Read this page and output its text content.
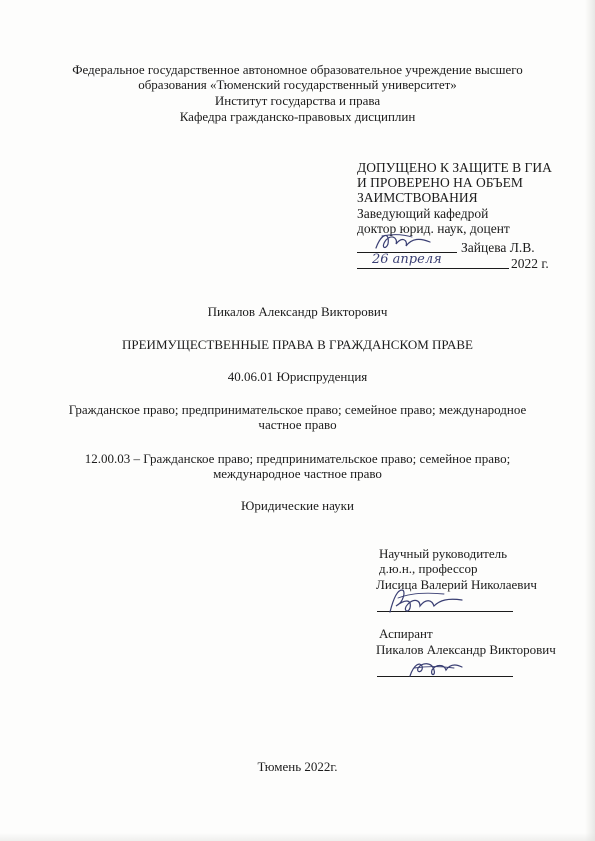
Федеральное государственное автономное образовательное учреждение высшего
образования «Тюменский государственный университет»
Институт государства и права
Кафедра гражданско-правовых дисциплин
ДОПУЩЕНО К ЗАЩИТЕ В ГИА
И ПРОВЕРЕНО НА ОБЪЕМ
ЗАИМСТВОВАНИЯ
Заведующий кафедрой
доктор юрид. наук, доцент
Зайцева Л.В.
26 апреля	2022 г.
Пикалов Александр Викторович
ПРЕИМУЩЕСТВЕННЫЕ ПРАВА В ГРАЖДАНСКОМ ПРАВЕ
40.06.01 Юриспруденция
Гражданское право; предпринимательское право; семейное право; международное
частное право
12.00.03 – Гражданское право; предпринимательское право; семейное право;
международное частное право
Юридические науки
Научный руководитель
д.ю.н., профессор
Лисица Валерий Николаевич
Аспирант
Пикалов Александр Викторович
Тюмень 2022г.
